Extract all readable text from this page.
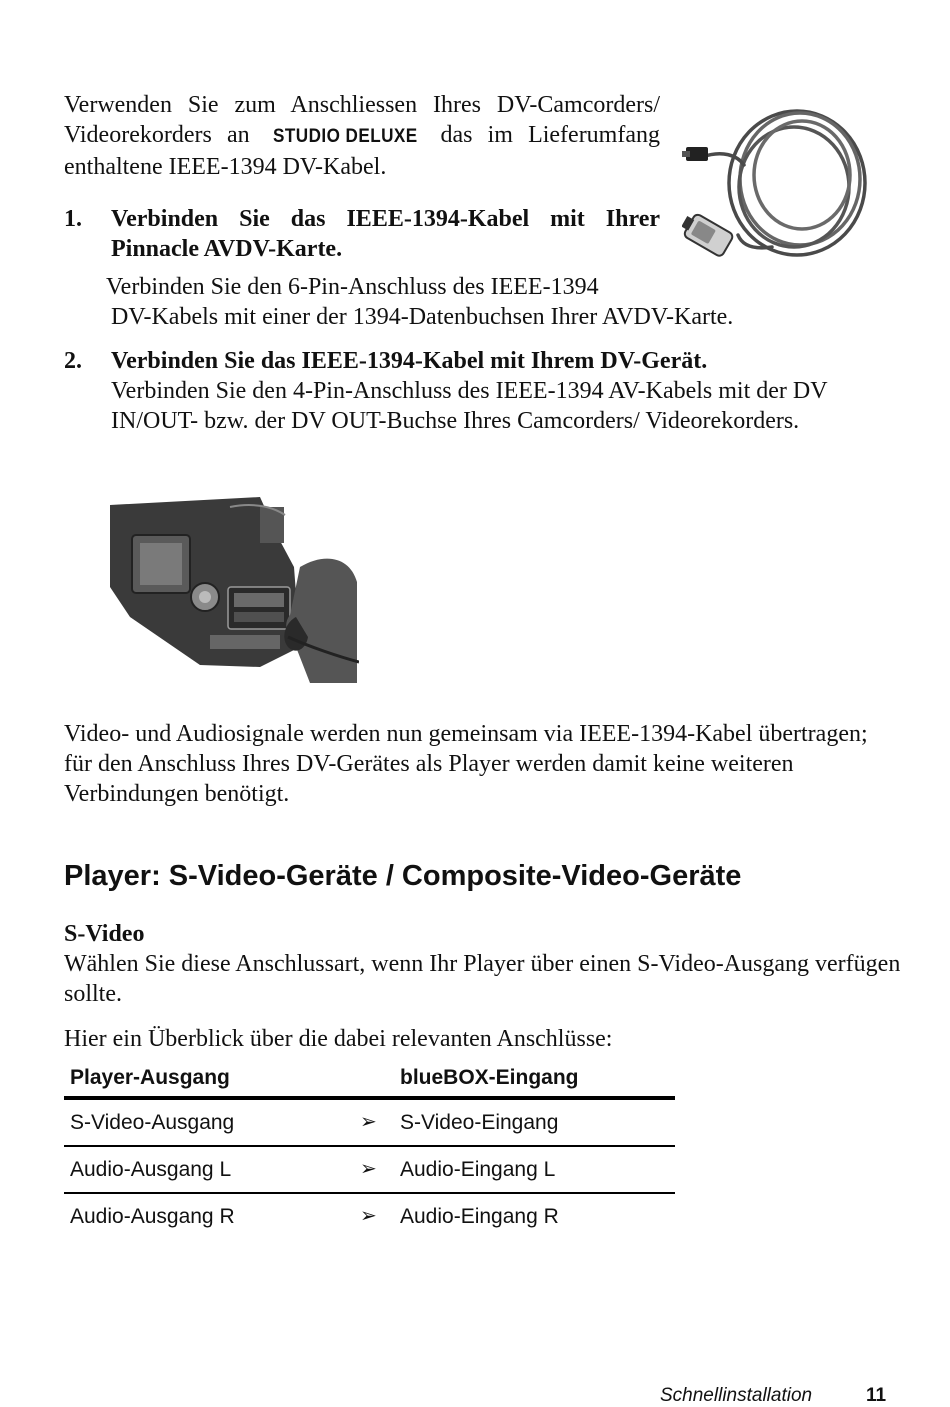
Verwenden Sie zum Anschliessen Ihres DV-Camcorders/ Videorekorders an STUDIO DELUXE das im Lieferumfang enthaltene IEEE-1394 DV-Kabel.

1. Verbinden Sie das IEEE-1394-Kabel mit Ihrer Pinnacle AVDV-Karte.
Verbinden Sie den 6-Pin-Anschluss des IEEE-1394
DV-Kabels mit einer der 1394-Datenbuchsen Ihrer AVDV-Karte.
2. Verbinden Sie das IEEE-1394-Kabel mit Ihrem DV-Gerät.
Verbinden Sie den 4-Pin-Anschluss des IEEE-1394 AV-Kabels mit der DV IN/OUT- bzw. der DV OUT-Buchse Ihres Camcorders/ Videorekorders.

Video- und Audiosignale werden nun gemeinsam via IEEE-1394-Kabel übertragen; für den Anschluss Ihres DV-Gerätes als Player werden damit keine weiteren Verbindungen benötigt.

Player: S-Video-Geräte / Composite-Video-Geräte
S-Video

Wählen Sie diese Anschlussart, wenn Ihr Player über einen S-Video-Ausgang verfügen sollte.

Hier ein Überblick über die dabei relevanten Anschlüsse:

Player-Ausgang	blueBOX-Eingang
S-Video-Ausgang	➢ S-Video-Eingang
Audio-Ausgang L	➢ Audio-Eingang L
Audio-Ausgang R	➢ Audio-Eingang R
Schnellinstallation	11
